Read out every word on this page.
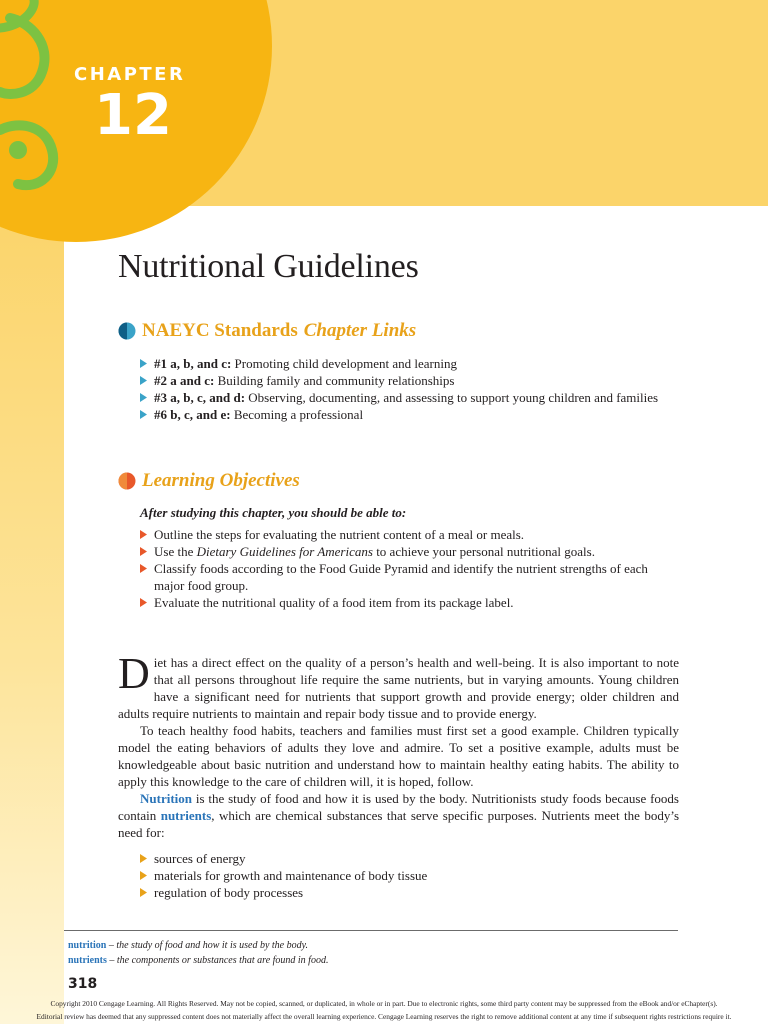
CHAPTER
12
Nutritional Guidelines
NAEYC Standards Chapter Links
#1 a, b, and c: Promoting child development and learning
#2 a and c: Building family and community relationships
#3 a, b, c, and d: Observing, documenting, and assessing to support young children and families
#6 b, c, and e: Becoming a professional
Learning Objectives
After studying this chapter, you should be able to:
Outline the steps for evaluating the nutrient content of a meal or meals.
Use the Dietary Guidelines for Americans to achieve your personal nutritional goals.
Classify foods according to the Food Guide Pyramid and identify the nutrient strengths of each major food group.
Evaluate the nutritional quality of a food item from its package label.

Diet has a direct effect on the quality of a person’s health and well-being. It is also important to note that all persons throughout life require the same nutrients, but in varying amounts. Young children have a significant need for nutrients that support growth and provide energy; older children and adults require nutrients to maintain and repair body tissue and to provide energy.

To teach healthy food habits, teachers and families must first set a good example. Children typically model the eating behaviors of adults they love and admire. To set a positive example, adults must be knowledgeable about basic nutrition and understand how to maintain healthy eating habits. The ability to apply this knowledge to the care of children will, it is hoped, follow.

Nutrition is the study of food and how it is used by the body. Nutritionists study foods because foods contain nutrients, which are chemical substances that serve specific purposes. Nutrients meet the body’s need for:

sources of energy
materials for growth and maintenance of body tissue
regulation of body processes
nutrition – the study of food and how it is used by the body.
nutrients – the components or substances that are found in food.
318
Copyright 2010 Cengage Learning. All Rights Reserved. May not be copied, scanned, or duplicated, in whole or in part. Due to electronic rights, some third party content may be suppressed from the eBook and/or eChapter(s).
Editorial review has deemed that any suppressed content does not materially affect the overall learning experience. Cengage Learning reserves the right to remove additional content at any time if subsequent rights restrictions require it.
